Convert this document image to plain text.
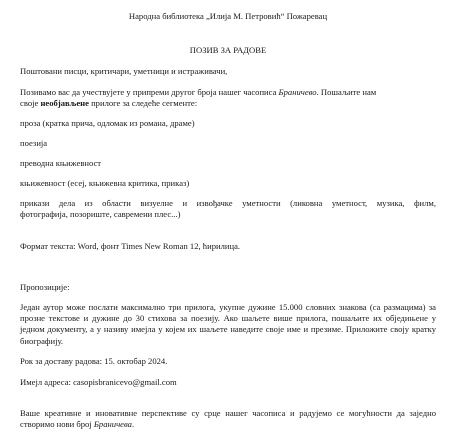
Народна библиотека „Илија М. Петровић“ Пожаревац
ПОЗИВ ЗА РАДОВЕ
Поштовани писци, критичари, уметници и истраживачи,
Позивамо вас да учествујете у припреми другог броја нашег часописа Браничево. Пошаљите нам
своје необјављене прилоге за следеће сегменте:
проза (кратка прича, одломак из романа, драме)
поезија
преводна књижевност
књижевност (есеј, књижевна критика, приказ)
прикази дела из области визуелне и извођачке уметности (ликовна уметност, музика, филм,
фотографија, позориште, савремени плес...)
Формат текста: Word, фонт Times New Roman 12, ћирилица.
Пропозиције:
Један аутор може послати максимално три прилога, укупне дужине 15.000 словних знакова (са размацима) за прозне текстове и дужине до 30 стихова за поезију. Ако шаљете више прилога, пошаљите их обједињене у једном документу, а у називу имејла у којем их шаљете наведите своје име и презиме. Приложите своју кратку биографију.
Рок за доставу радова: 15. октобар 2024.
Имејл адреса: casopisbranicevo@gmail.com
Ваше креативне и иновативне перспективе су срце нашег часописа и радујемо се могућности да заједно створимо нови број Браничева.
